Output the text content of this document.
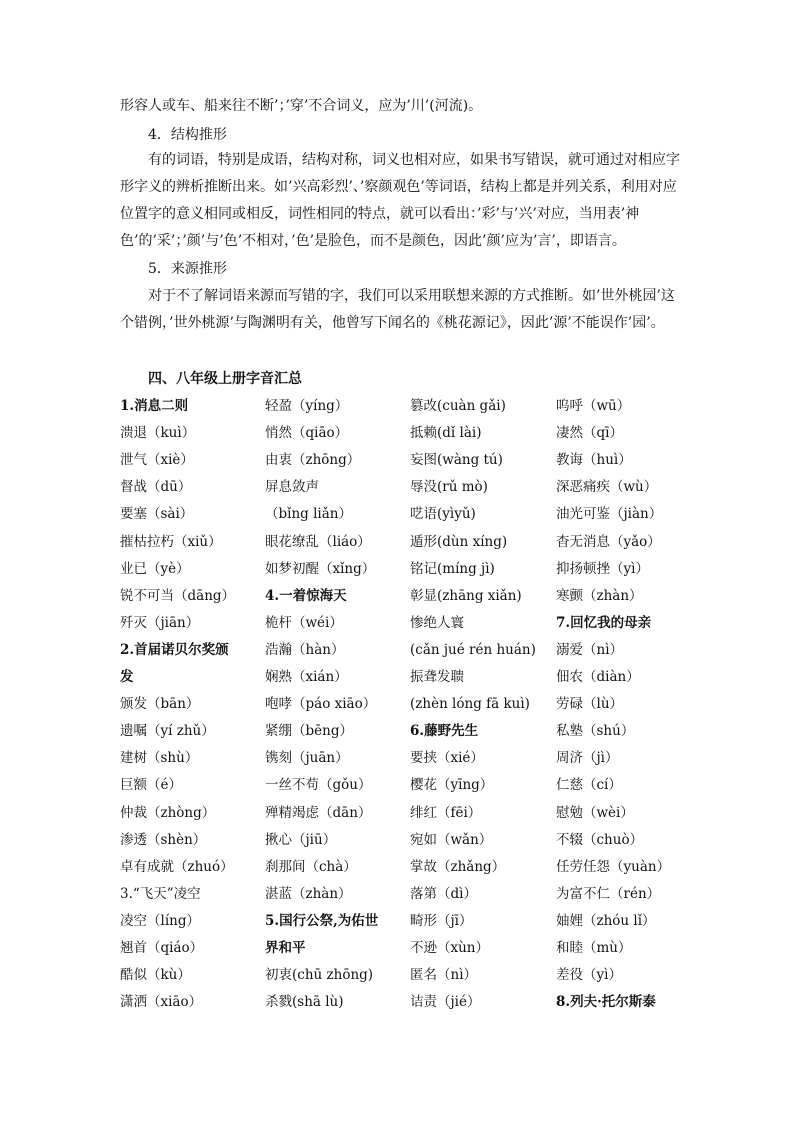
形容人或车、船来往不断’；’穿’不合词义，应为’川’(河流)。

4．结构推形

有的词语，特别是成语，结构对称，词义也相对应，如果书写错误，就可通过对相应字形字义的辨析推断出来。如’兴高彩烈’、’察颜观色’等词语，结构上都是并列关系，利用对应位置字的意义相同或相反，词性相同的特点，就可以看出：’彩’与’兴’对应，当用表’神色’的’采’；’颜’与’色’不相对，’色’是脸色，而不是颜色，因此’颜’应为’言’，即语言。

5．来源推形

对于不了解词语来源而写错的字，我们可以采用联想来源的方式推断。如’世外桃园’这个错例，’世外桃源’与陶渊明有关，他曾写下闻名的《桃花源记》，因此’源’不能误作’园’。

四、八年级上册字音汇总

1.消息二则
溃退（kuì）
泄气（xiè）
督战（dū）
要塞（sài）
摧枯拉朽（xiǔ）
业已（yè）
锐不可当（dāng）
歼灭（jiān）
2.首届诺贝尔奖颁
发
颁发（bān）
遗嘱（yí zhǔ）
建树（shù）
巨额（é）
仲裁（zhòng）
渗透（shèn）
卓有成就（zhuó）
3.“飞天”凌空
凌空（líng）
翘首（qiáo）
酷似（kù）
潇洒（xiāo）
轻盈（yíng）
悄然（qiāo）
由衷（zhōng）
屏息敛声
（bǐng liǎn）
眼花缭乱（liáo）
如梦初醒（xǐng）
4.一着惊海天
桅杆（wéi）
浩瀚（hàn）
娴熟（xián）
咆哮（páo xiāo）
紧绷（bēng）
镌刻（juān）
一丝不苟（gǒu）
殚精竭虑（dān）
揪心（jiū）
刹那间（chà）
湛蓝（zhàn）
5.国行公祭,为佑世
界和平
初衷(chū zhōng)
杀戮(shā lù)
篡改(cuàn gǎi)
抵赖(dǐ lài)
妄图(wàng tú)
辱没(rǔ mò)
呓语(yìyǔ)
遁形(dùn xíng)
铭记(míng jì)
彰显(zhāng xiǎn)
惨绝人寰
(cǎn jué rén huán)
振聋发聩
(zhèn lóng fā kuì)
6.藤野先生
要挟（xié）
樱花（yīng）
绯红（fēi）
宛如（wǎn）
掌故（zhǎng）
落第（dì）
畸形（jī）
不逊（xùn）
匿名（nì）
诘责（jié）
呜呼（wū）
凄然（qī）
教诲（huì）
深恶痛疾（wù）
油光可鉴（jiàn）
杳无消息（yǎo）
抑扬顿挫（yì）
寒颤（zhàn）
7.回忆我的母亲
溺爱（nì）
佃农（diàn）
劳碌（lù）
私塾（shú）
周济（jì）
仁慈（cí）
慰勉（wèi）
不辍（chuò）
任劳任怨（yuàn）
为富不仁（rén）
妯娌（zhóu lǐ）
和睦（mù）
差役（yì）
8.列夫·托尔斯泰
